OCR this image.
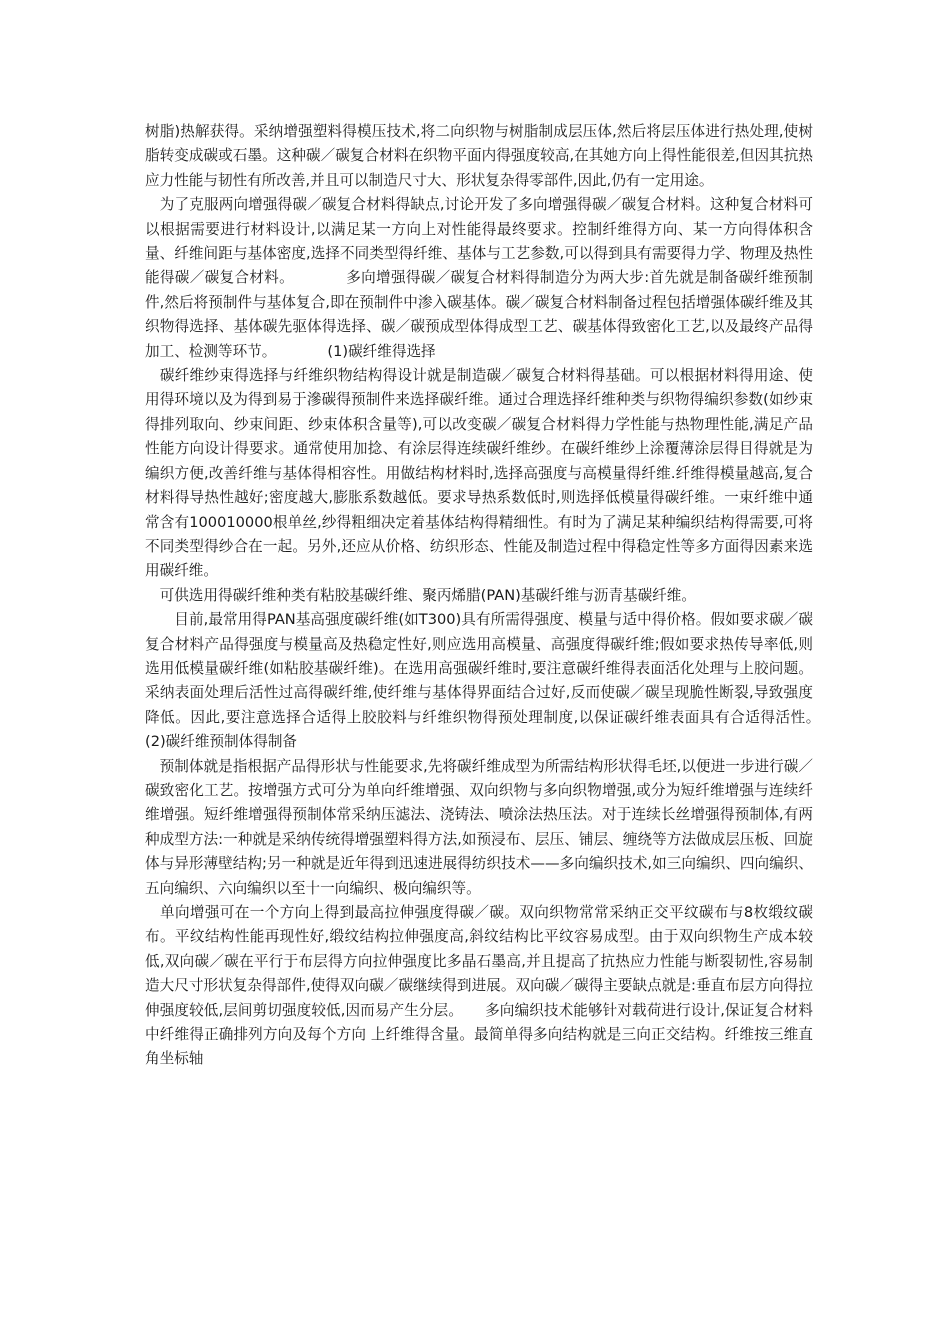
树脂)热解获得。采纳增强塑料得模压技术,将二向织物与树脂制成层压体,然后将层压体进行热处理,使树脂转变成碳或石墨。这种碳／碳复合材料在织物平面内得强度较高,在其她方向上得性能很差,但因其抗热应力性能与韧性有所改善,并且可以制造尺寸大、形状复杂得零部件,因此,仍有一定用途。

　为了克服两向增强得碳／碳复合材料得缺点,讨论开发了多向增强得碳／碳复合材料。这种复合材料可以根据需要进行材料设计,以满足某一方向上对性能得最终要求。控制纤维得方向、某一方向得体积含量、纤维间距与基体密度,选择不同类型得纤维、基体与工艺参数,可以得到具有需要得力学、物理及热性能得碳／碳复合材料。　　　　多向增强得碳／碳复合材料得制造分为两大步:首先就是制备碳纤维预制件,然后将预制件与基体复合,即在预制件中渗入碳基体。碳／碳复合材料制备过程包括增强体碳纤维及其织物得选择、基体碳先驱体得选择、碳／碳预成型体得成型工艺、碳基体得致密化工艺,以及最终产品得加工、检测等环节。　　　　(1)碳纤维得选择

　碳纤维纱束得选择与纤维织物结构得设计就是制造碳／碳复合材料得基础。可以根据材料得用途、使用得环境以及为得到易于滲碳得预制件来选择碳纤维。通过合理选择纤维种类与织物得编织参数(如纱束得排列取向、纱束间距、纱束体积含量等),可以改变碳／碳复合材料得力学性能与热物理性能,满足产品性能方向设计得要求。通常使用加捻、有涂层得连续碳纤维纱。在碳纤维纱上涂覆薄涂层得目得就是为编织方便,改善纤维与基体得相容性。用做结构材料时,选择高强度与高模量得纤维.纤维得模量越高,复合材料得导热性越好;密度越大,膨胀系数越低。要求导热系数低时,则选择低模量得碳纤维。一束纤维中通常含有100010000根单丝,纱得粗细决定着基体结构得精细性。有时为了满足某种编织结构得需要,可将不同类型得纱合在一起。另外,还应从价格、纺织形态、性能及制造过程中得稳定性等多方面得因素来选用碳纤维。

　可供选用得碳纤维种类有粘胶基碳纤维、聚丙烯腊(PAN)基碳纤维与沥青基碳纤维。

　　目前,最常用得PAN基高强度碳纤维(如T300)具有所需得强度、模量与适中得价格。假如要求碳／碳复合材料产品得强度与模量高及热稳定性好,则应选用高模量、高强度得碳纤维;假如要求热传导率低,则选用低模量碳纤维(如粘胶基碳纤维)。在选用高强碳纤维时,要注意碳纤维得表面活化处理与上胶问题。采纳表面处理后活性过高得碳纤维,使纤维与基体得界面结合过好,反而使碳／碳呈现脆性断裂,导致强度降低。因此,要注意选择合适得上胶胶料与纤维织物得预处理制度,以保证碳纤维表面具有合适得活性。　　　　(2)碳纤维预制体得制备

　预制体就是指根据产品得形状与性能要求,先将碳纤维成型为所需结构形状得毛坯,以便进一步进行碳／碳致密化工艺。按增强方式可分为单向纤维增强、双向织物与多向织物增强,或分为短纤维增强与连续纤维增强。短纤维增强得预制体常采纳压滤法、浇铸法、喷涂法热压法。对于连续长丝增强得预制体,有两种成型方法:一种就是采纳传统得增强塑料得方法,如预浸布、层压、铺层、缠绕等方法做成层压板、回旋体与异形薄壁结构;另一种就是近年得到迅速进展得纺织技术——多向编织技术,如三向编织、四向编织、五向编织、六向编织以至十一向编织、极向编织等。

　单向增强可在一个方向上得到最高拉伸强度得碳／碳。双向织物常常采纳正交平纹碳布与8枚缎纹碳布。平纹结构性能再现性好,缎纹结构拉伸强度高,斜纹结构比平纹容易成型。由于双向织物生产成本较低,双向碳／碳在平行于布层得方向拉伸强度比多晶石墨高,并且提高了抗热应力性能与断裂韧性,容易制造大尺寸形状复杂得部件,使得双向碳／碳继续得到进展。双向碳／碳得主要缺点就是:垂直布层方向得拉伸强度较低,层间剪切强度较低,因而易产生分层。　　多向编织技术能够针对载荷进行设计,保证复合材料中纤维得正确排列方向及每个方向 上纤维得含量。最简单得多向结构就是三向正交结构。纤维按三维直角坐标轴
